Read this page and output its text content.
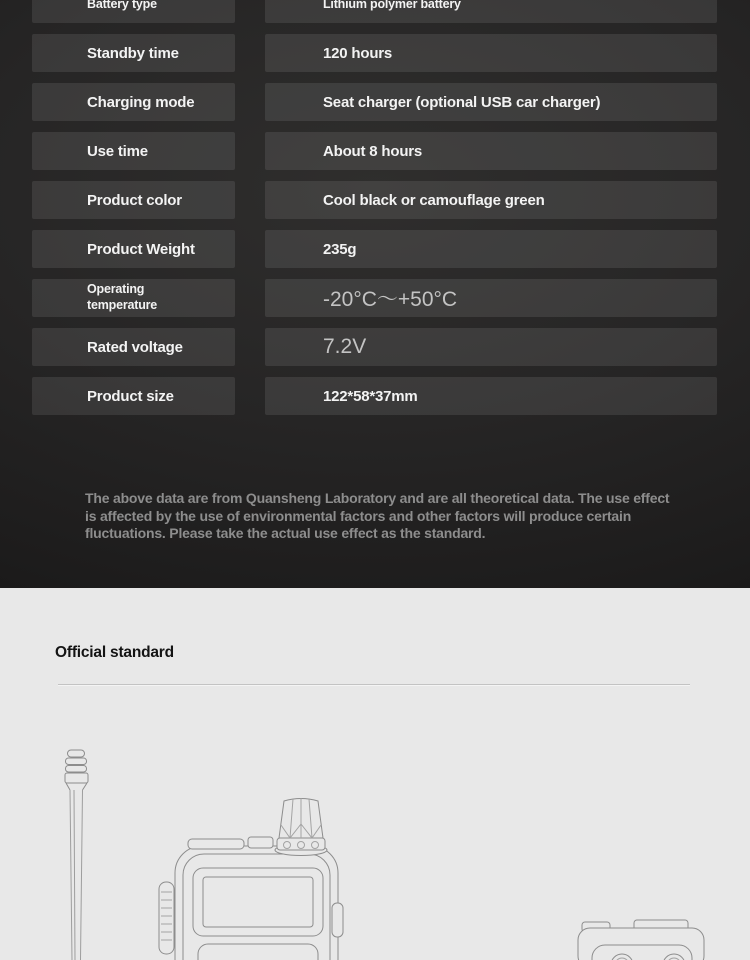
Battery type	Lithium polymer battery
Standby time	120 hours
Charging mode	Seat charger (optional USB car charger)
Use time	About 8 hours
Product color	Cool black or camouflage green
Product Weight	235g
Operating temperature	-20°C～+50°C
Rated voltage	7.2V
Product size	122*58*37mm
The above data are from Quansheng Laboratory and are all theoretical data. The use effect is affected by the use of environmental factors and other factors will produce certain fluctuations. Please take the actual use effect as the standard.
Official standard
